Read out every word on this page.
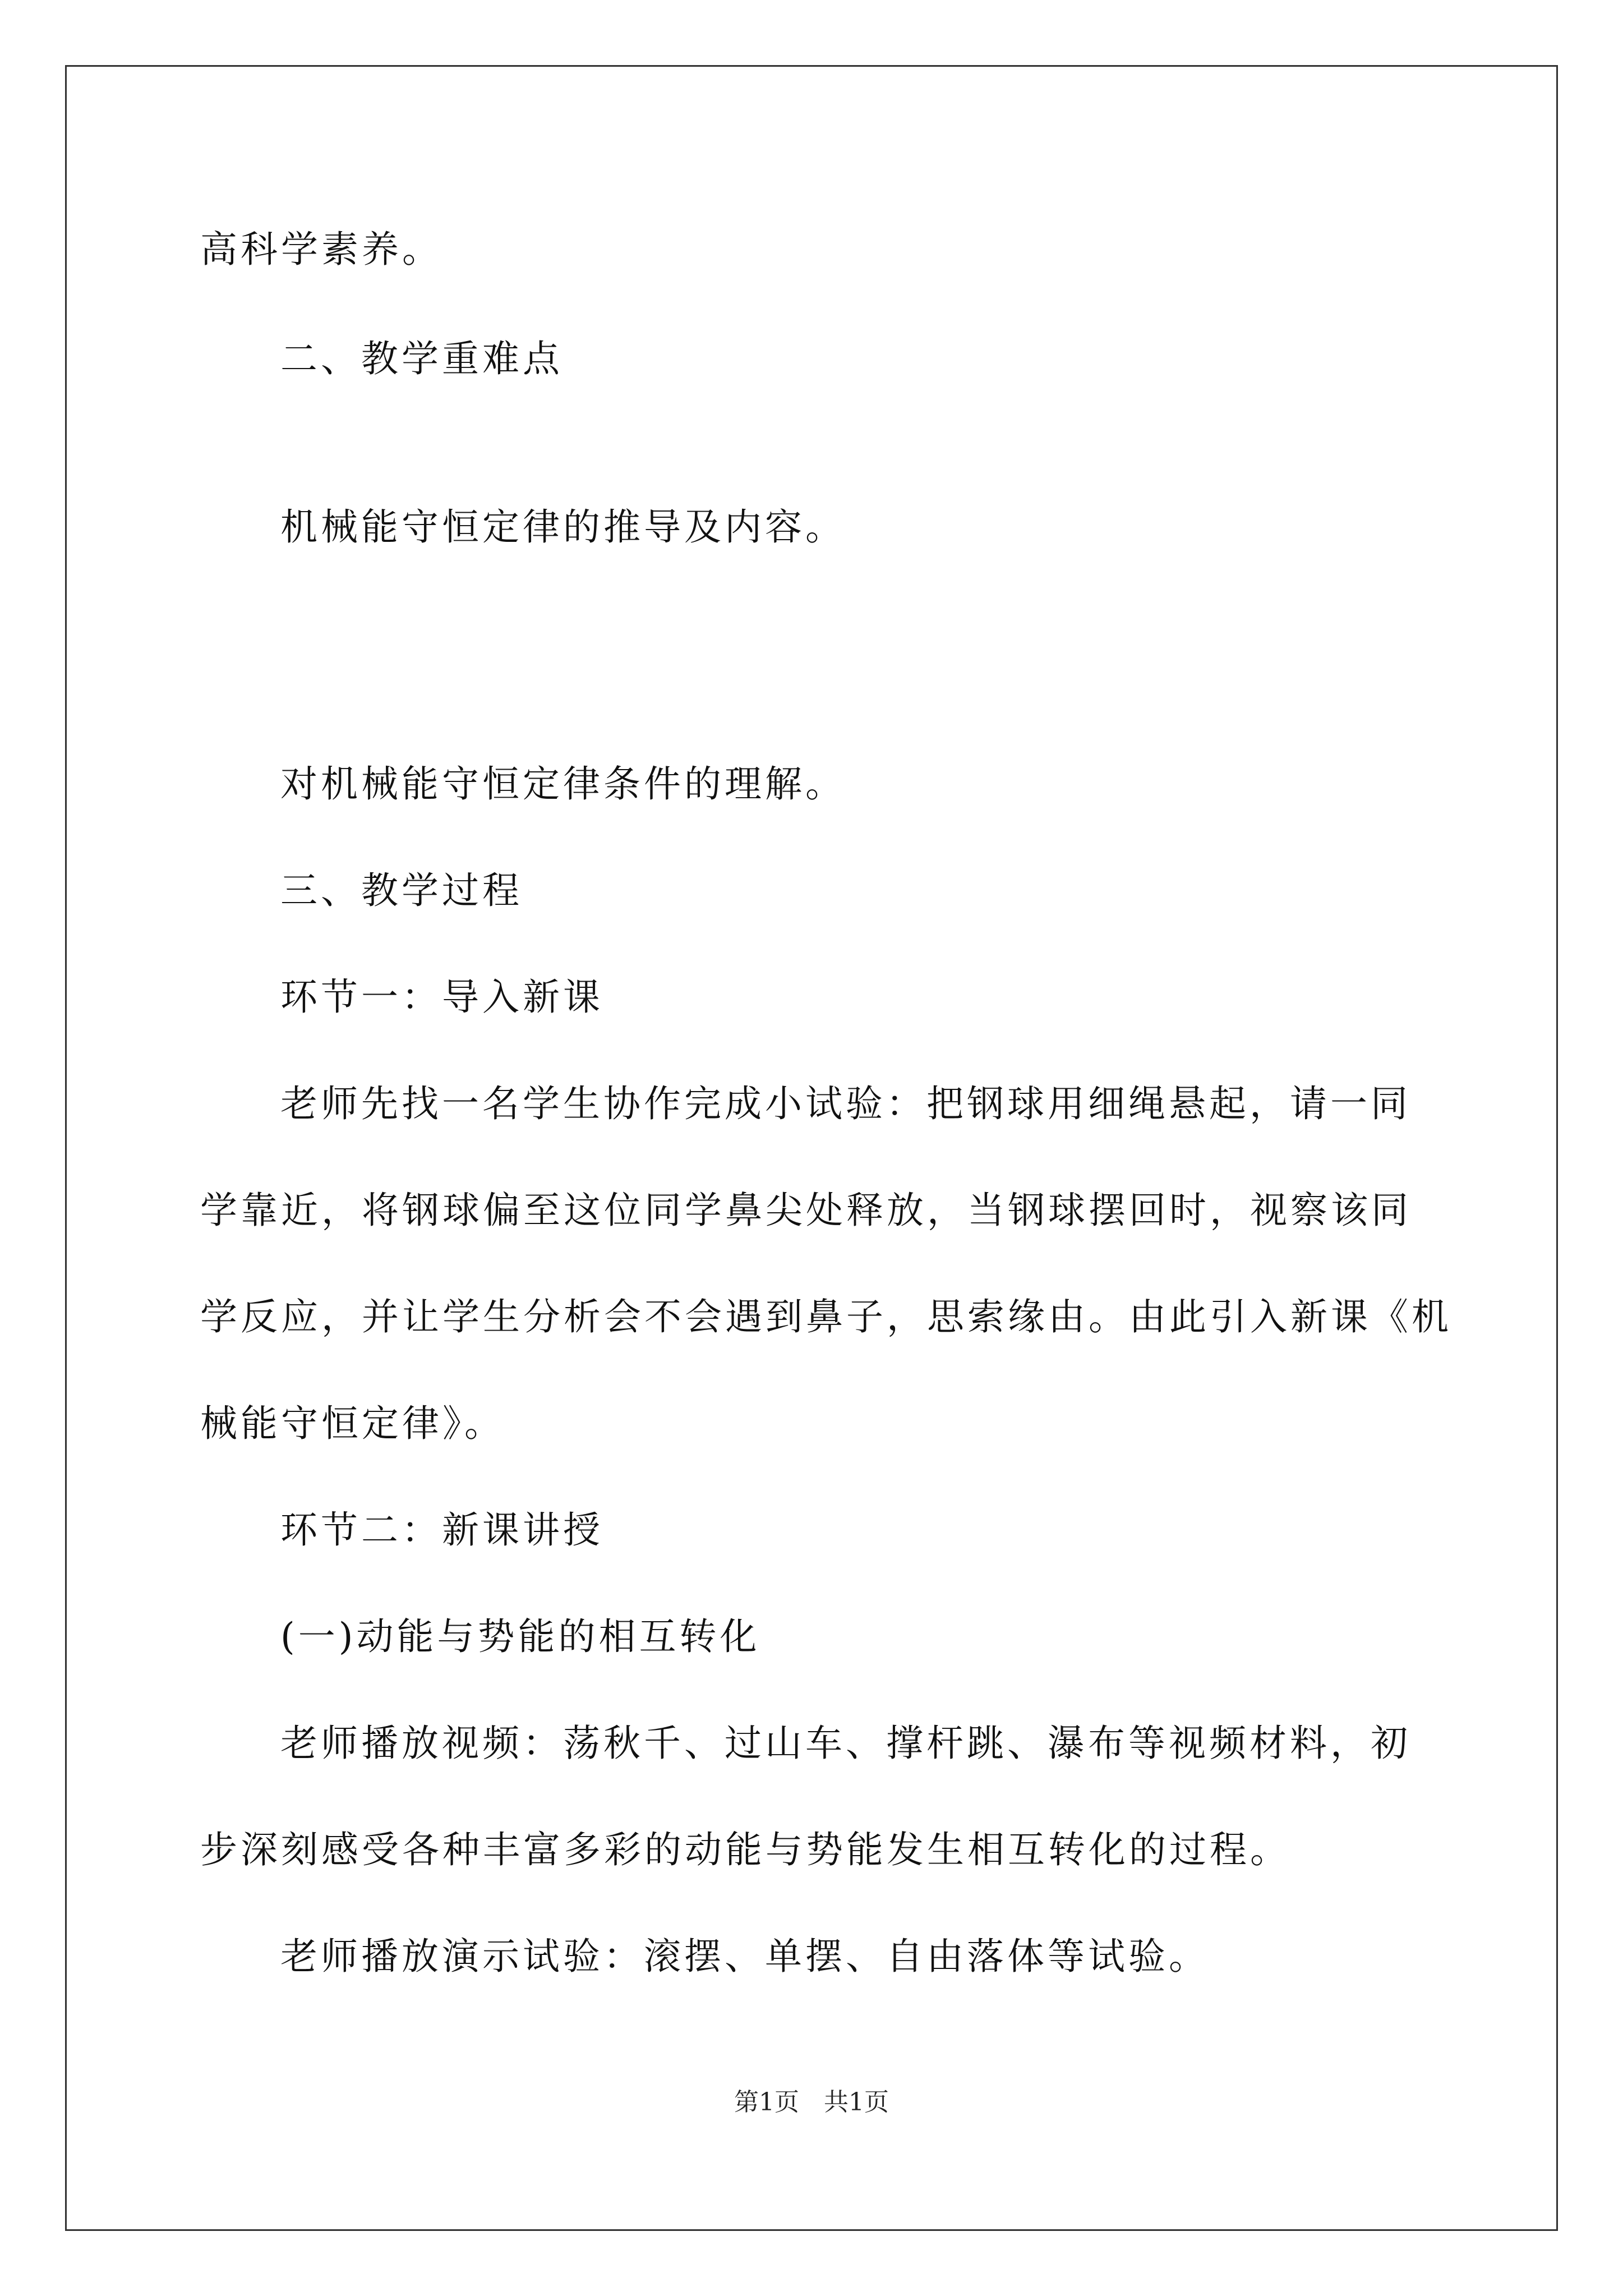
高科学素养。
二、教学重难点
机械能守恒定律的推导及内容。
对机械能守恒定律条件的理解。
三、教学过程
环节一：导入新课
老师先找一名学生协作完成小试验：把钢球用细绳悬起，请一同
学靠近，将钢球偏至这位同学鼻尖处释放，当钢球摆回时，视察该同
学反应，并让学生分析会不会遇到鼻子，思索缘由。由此引入新课《机
械能守恒定律》。
环节二：新课讲授
(一)动能与势能的相互转化
老师播放视频：荡秋千、过山车、撑杆跳、瀑布等视频材料，初
步深刻感受各种丰富多彩的动能与势能发生相互转化的过程。
老师播放演示试验：滚摆、单摆、自由落体等试验。
第1页　共1页
